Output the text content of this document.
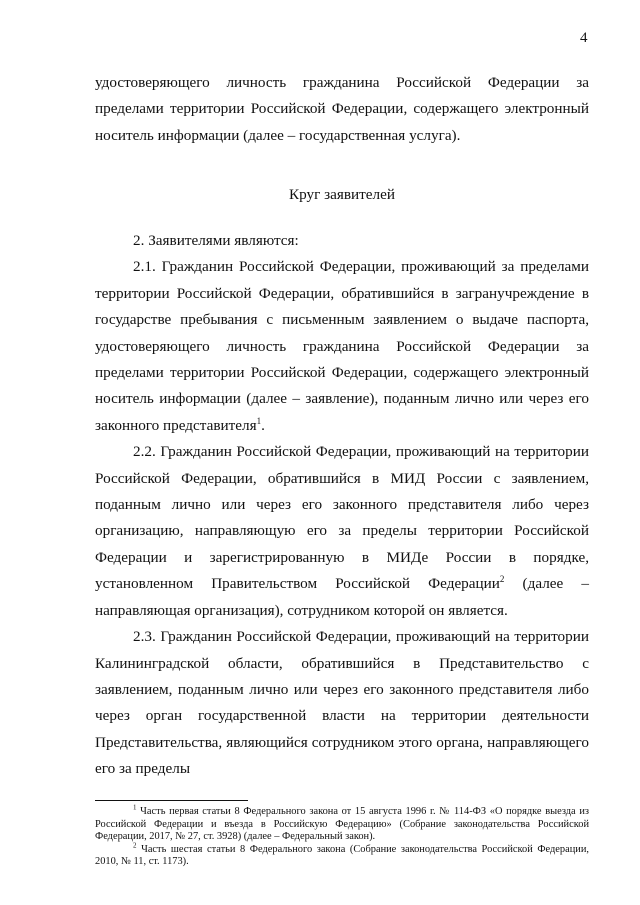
4

удостоверяющего личность гражданина Российской Федерации за пределами территории Российской Федерации, содержащего электронный носитель информации (далее – государственная услуга).

Круг заявителей

2. Заявителями являются:

2.1. Гражданин Российской Федерации, проживающий за пределами территории Российской Федерации, обратившийся в загранучреждение в государстве пребывания с письменным заявлением о выдаче паспорта, удостоверяющего личность гражданина Российской Федерации за пределами территории Российской Федерации, содержащего электронный носитель информации (далее – заявление), поданным лично или через его законного представителя$^1$.

2.2. Гражданин Российской Федерации, проживающий на территории Российской Федерации, обратившийся в МИД России с заявлением, поданным лично или через его законного представителя либо через организацию, направляющую его за пределы территории Российской Федерации и зарегистрированную в МИДе России в порядке, установленном Правительством Российской Федерации$^2$ (далее – направляющая организация), сотрудником которой он является.

2.3. Гражданин Российской Федерации, проживающий на территории Калининградской области, обратившийся в Представительство с заявлением, поданным лично или через его законного представителя либо через орган государственной власти на территории деятельности Представительства, являющийся сотрудником этого органа, направляющего его за пределы

$^1$ Часть первая статьи 8 Федерального закона от 15 августа 1996 г. № 114-ФЗ «О порядке выезда из Российской Федерации и въезда в Российскую Федерацию» (Собрание законодательства Российской Федерации, 2017, № 27, ст. 3928) (далее – Федеральный закон).

$^2$ Часть шестая статьи 8 Федерального закона (Собрание законодательства Российской Федерации, 2010, № 11, ст. 1173).
